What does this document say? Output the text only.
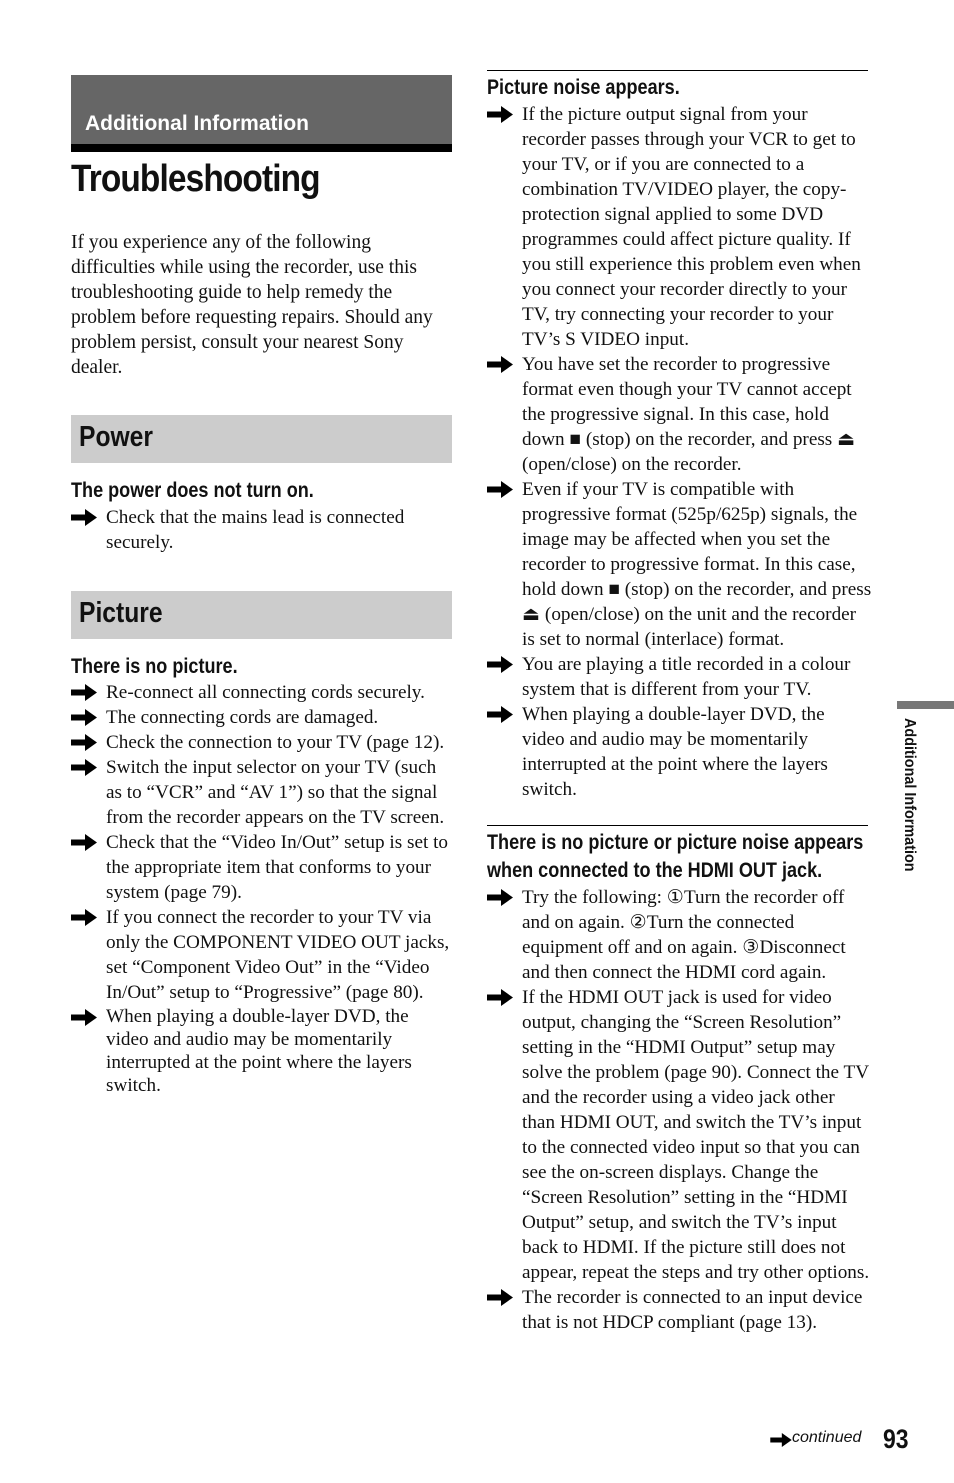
Additional Information
Troubleshooting

If you experience any of the following difficulties while using the recorder, use this troubleshooting guide to help remedy the problem before requesting repairs. Should any problem persist, consult your nearest Sony dealer.

Power

The power does not turn on.

Check that the mains lead is connected securely.
Picture

There is no picture.

Re-connect all connecting cords securely.
The connecting cords are damaged.
Check the connection to your TV (page 12).
Switch the input selector on your TV (such as to “VCR” and “AV 1”) so that the signal from the recorder appears on the TV screen.
Check that the “Video In/Out” setup is set to the appropriate item that conforms to your system (page 79).
If you connect the recorder to your TV via only the COMPONENT VIDEO OUT jacks, set “Component Video Out” in the “Video In/Out” setup to “Progressive” (page 80).
When playing a double-layer DVD, the video and audio may be momentarily interrupted at the point where the layers switch.

Picture noise appears.

If the picture output signal from your recorder passes through your VCR to get to your TV, or if you are connected to a combination TV/VIDEO player, the copy-protection signal applied to some DVD programmes could affect picture quality. If you still experience this problem even when you connect your recorder directly to your TV, try connecting your recorder to your TV’s S VIDEO input.
You have set the recorder to progressive format even though your TV cannot accept the progressive signal. In this case, hold down ■ (stop) on the recorder, and press ⏏ (open/close) on the recorder.
Even if your TV is compatible with progressive format (525p/625p) signals, the image may be affected when you set the recorder to progressive format. In this case, hold down ■ (stop) on the recorder, and press ⏏ (open/close) on the unit and the recorder is set to normal (interlace) format.
You are playing a title recorded in a colour system that is different from your TV.
When playing a double-layer DVD, the video and audio may be momentarily interrupted at the point where the layers switch.

There is no picture or picture noise appears

when connected to the HDMI OUT jack.

Try the following: ①Turn the recorder off and on again. ②Turn the connected equipment off and on again. ③Disconnect and then connect the HDMI cord again.
If the HDMI OUT jack is used for video output, changing the “Screen Resolution” setting in the “HDMI Output” setup may solve the problem (page 90). Connect the TV and the recorder using a video jack other than HDMI OUT, and switch the TV’s input to the connected video input so that you can see the on-screen displays. Change the “Screen Resolution” setting in the “HDMI Output” setup, and switch the TV’s input back to HDMI. If the picture still does not appear, repeat the steps and try other options.
The recorder is connected to an input device that is not HDCP compliant (page 13).
Additional Information
continued 93
